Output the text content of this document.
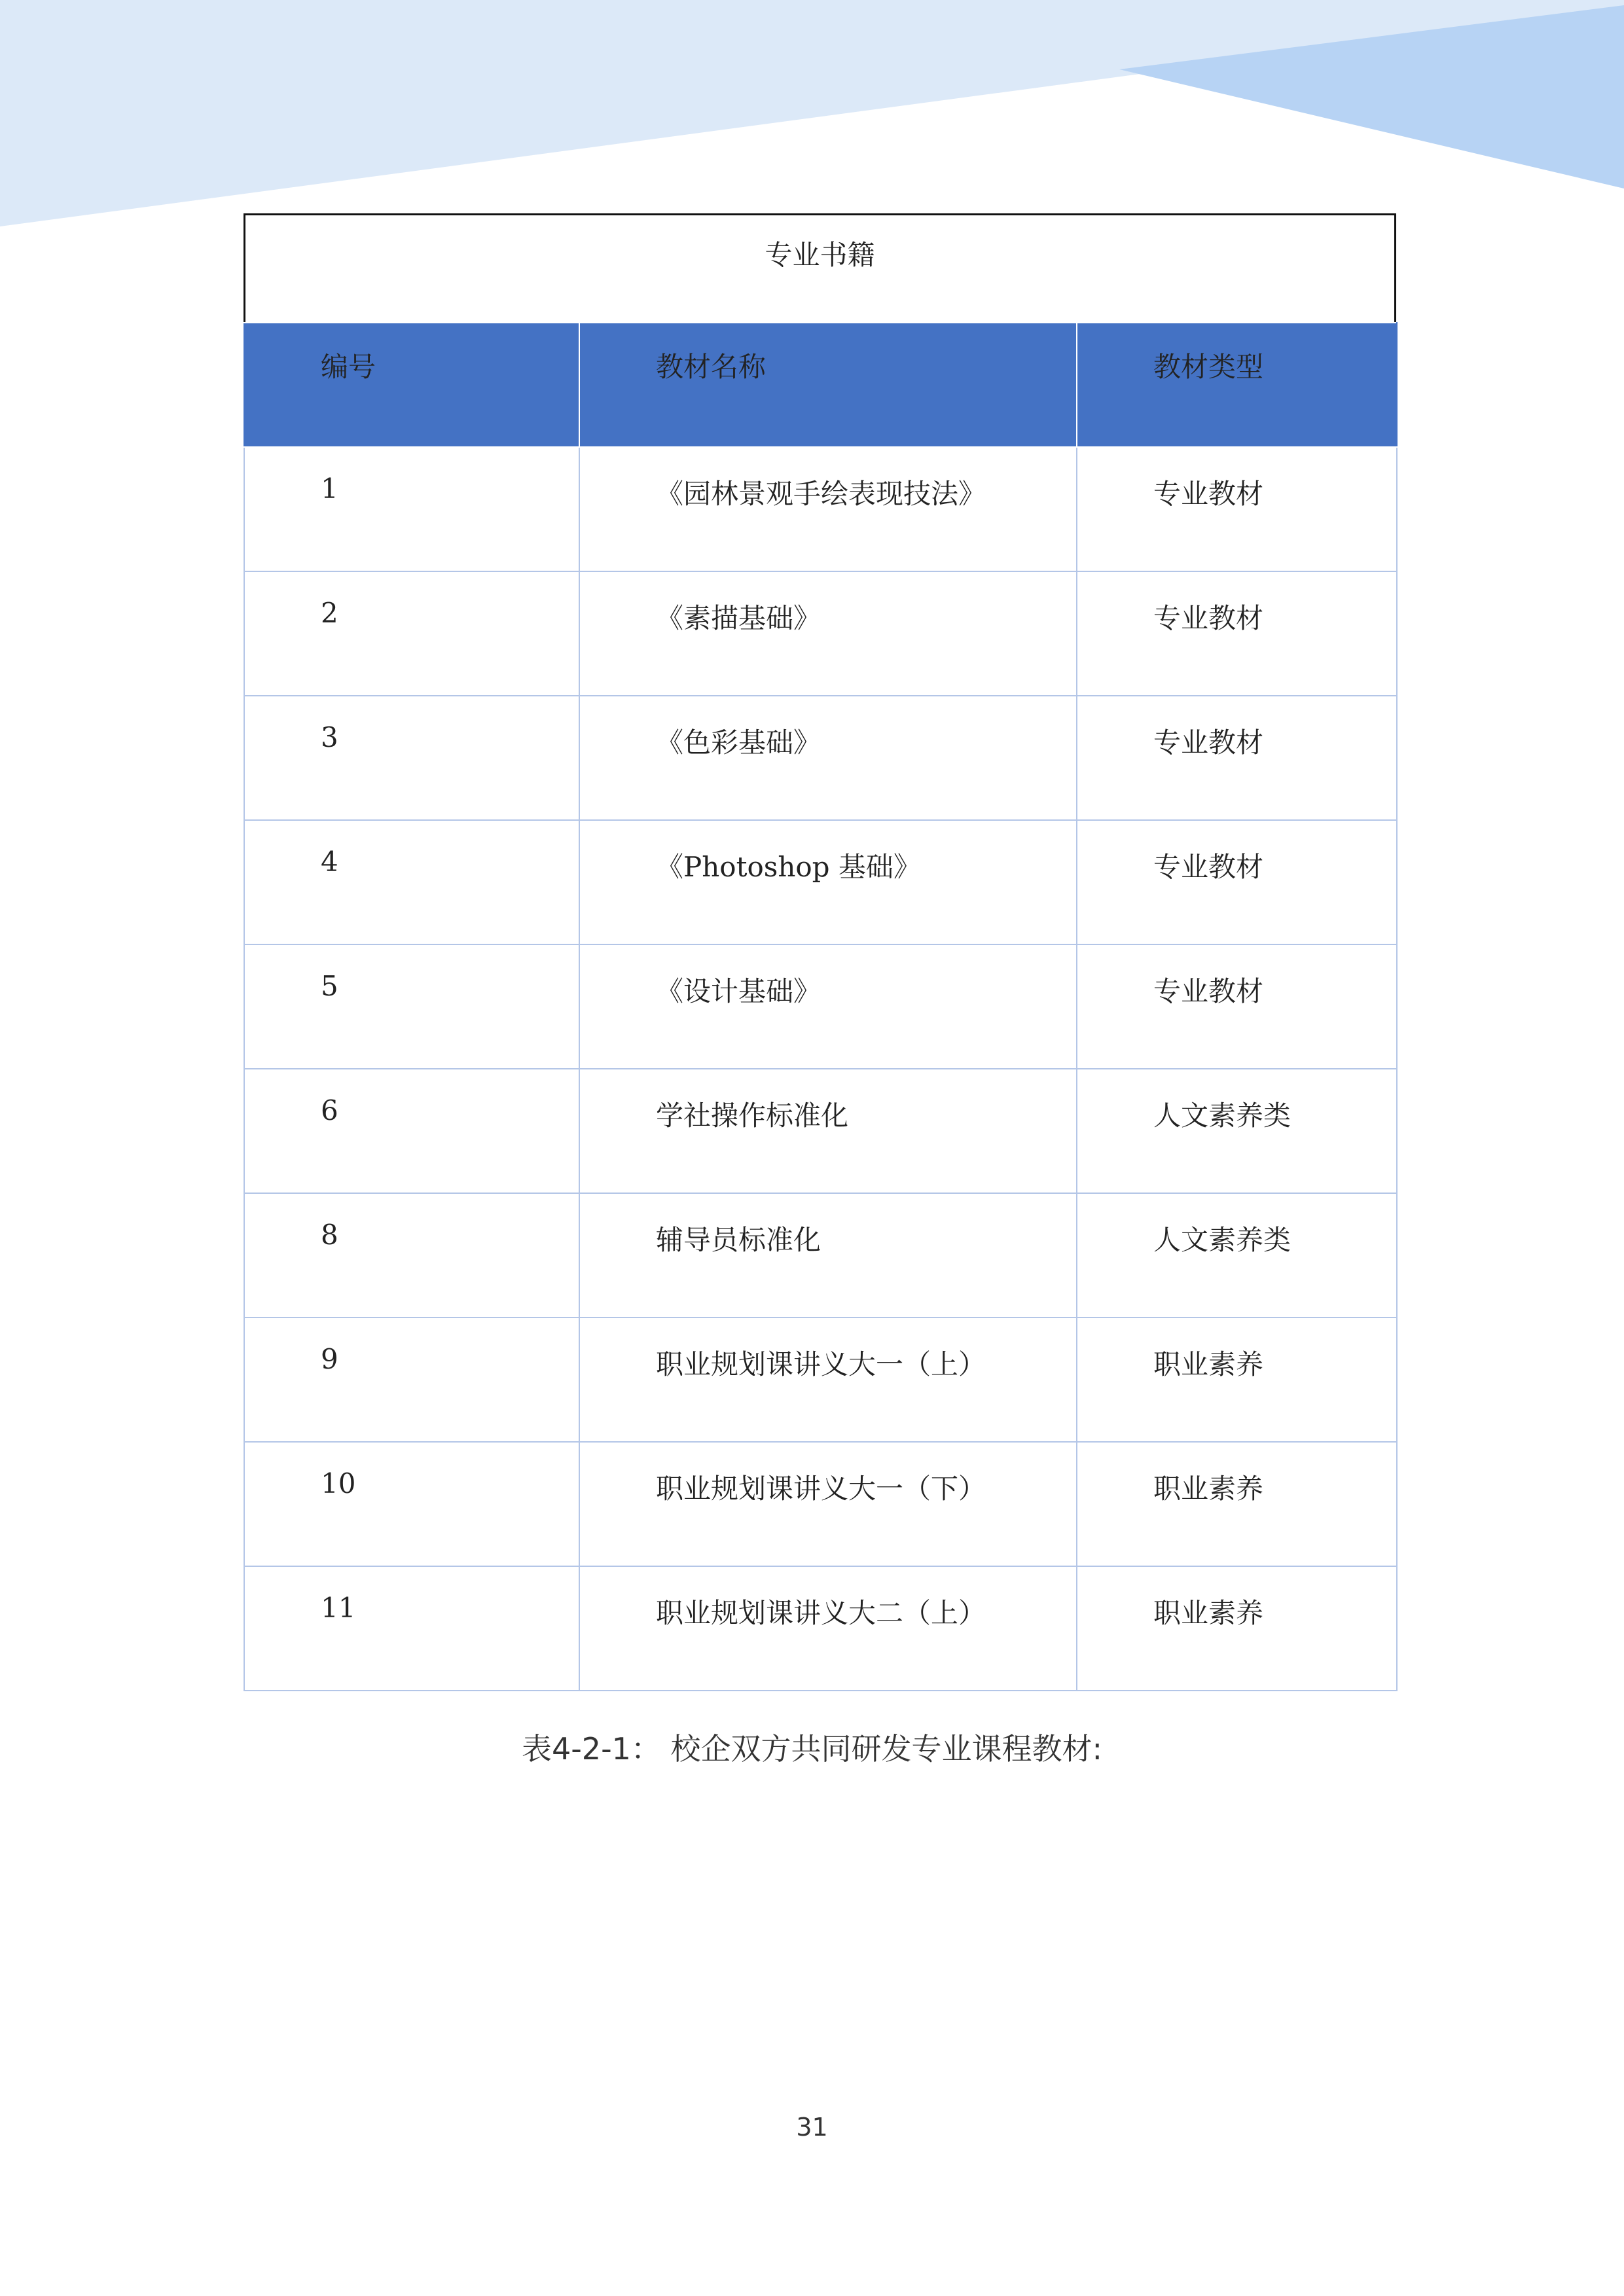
专业书籍
编号	教材名称	教材类型
1	《园林景观手绘表现技法》	专业教材
2	《素描基础》	专业教材
3	《色彩基础》	专业教材
4	《Photoshop 基础》	专业教材
5	《设计基础》	专业教材
6	学社操作标准化	人文素养类
8	辅导员标准化	人文素养类
9	职业规划课讲义大一（上）	职业素养
10	职业规划课讲义大一（下）	职业素养
11	职业规划课讲义大二（上）	职业素养
表4-2-1： 校企双方共同研发专业课程教材:
31
